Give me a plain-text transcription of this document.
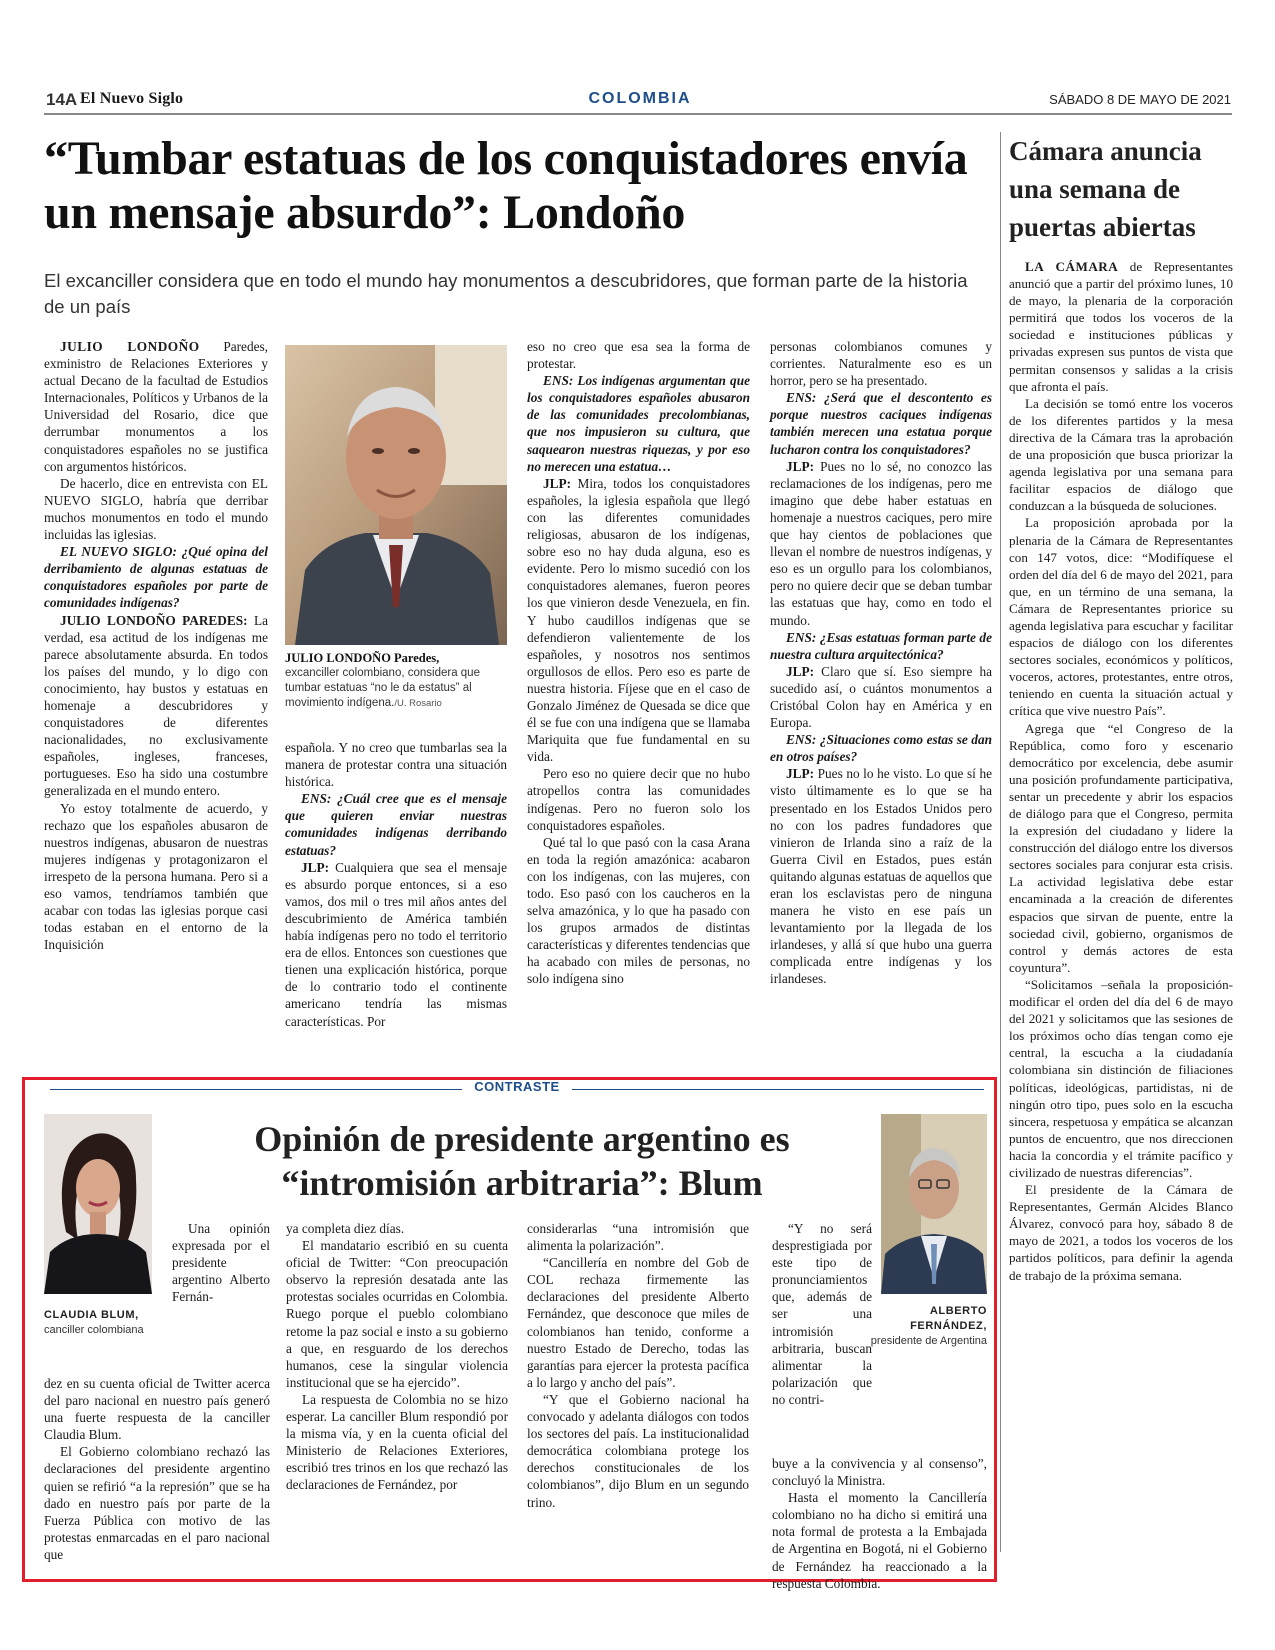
14A El Nuevo Siglo	COLOMBIA	SÁBADO 8 DE MAYO DE 2021
“Tumbar estatuas de los conquistadores envía un mensaje absurdo”: Londoño
El excanciller considera que en todo el mundo hay monumentos a descubridores, que forman parte de la historia de un país

JULIO LONDOÑO Paredes, exministro de Relaciones Exteriores y actual Decano de la facultad de Estudios Internacionales, Políticos y Urbanos de la Universidad del Rosario, dice que derrumbar monumentos a los conquistadores españoles no se justifica con argumentos históricos.

De hacerlo, dice en entrevista con EL NUEVO SIGLO, habría que derribar muchos monumentos en todo el mundo incluidas las iglesias.

EL NUEVO SIGLO: ¿Qué opina del derribamiento de algunas estatuas de conquistadores españoles por parte de comunidades indígenas?

JULIO LONDOÑO PAREDES: La verdad, esa actitud de los indígenas me parece absolutamente absurda. En todos los países del mundo, y lo digo con conocimiento, hay bustos y estatuas en homenaje a descubridores y conquistadores de diferentes nacionalidades, no exclusivamente españoles, ingleses, franceses, portugueses. Eso ha sido una costumbre generalizada en el mundo entero.

Yo estoy totalmente de acuerdo, y rechazo que los españoles abusaron de nuestros indígenas, abusaron de nuestras mujeres indígenas y protagonizaron el irrespeto de la persona humana. Pero si a eso vamos, tendríamos también que acabar con todas las iglesias porque casi todas estaban en el entorno de la Inquisición

JULIO LONDOÑO Paredes,
excanciller colombiano, considera que tumbar estatuas “no le da estatus” al movimiento indígena./U. Rosario

española. Y no creo que tumbarlas sea la manera de protestar contra una situación histórica.

ENS: ¿Cuál cree que es el mensaje que quieren enviar nuestras comunidades indígenas derribando estatuas?

JLP: Cualquiera que sea el mensaje es absurdo porque entonces, si a eso vamos, dos mil o tres mil años antes del descubrimiento de América también había indígenas pero no todo el territorio era de ellos. Entonces son cuestiones que tienen una explicación histórica, porque de lo contrario todo el continente americano tendría las mismas características. Por

eso no creo que esa sea la forma de protestar.

ENS: Los indígenas argumentan que los conquistadores españoles abusaron de las comunidades precolombianas, que nos impusieron su cultura, que saquearon nuestras riquezas, y por eso no merecen una estatua…

JLP: Mira, todos los conquistadores españoles, la iglesia española que llegó con las diferentes comunidades religiosas, abusaron de los indígenas, sobre eso no hay duda alguna, eso es evidente. Pero lo mismo sucedió con los conquistadores alemanes, fueron peores los que vinieron desde Venezuela, en fin. Y hubo caudillos indígenas que se defendieron valientemente de los españoles, y nosotros nos sentimos orgullosos de ellos. Pero eso es parte de nuestra historia. Fíjese que en el caso de Gonzalo Jiménez de Quesada se dice que él se fue con una indígena que se llamaba Mariquita que fue fundamental en su vida.

Pero eso no quiere decir que no hubo atropellos contra las comunidades indígenas. Pero no fueron solo los conquistadores españoles.

Qué tal lo que pasó con la casa Arana en toda la región amazónica: acabaron con los indígenas, con las mujeres, con todo. Eso pasó con los caucheros en la selva amazónica, y lo que ha pasado con los grupos armados de distintas características y diferentes tendencias que ha acabado con miles de personas, no solo indígena sino

personas colombianos comunes y corrientes. Naturalmente eso es un horror, pero se ha presentado.

ENS: ¿Será que el descontento es porque nuestros caciques indígenas también merecen una estatua porque lucharon contra los conquistadores?

JLP: Pues no lo sé, no conozco las reclamaciones de los indígenas, pero me imagino que debe haber estatuas en homenaje a nuestros caciques, pero mire que hay cientos de poblaciones que llevan el nombre de nuestros indígenas, y eso es un orgullo para los colombianos, pero no quiere decir que se deban tumbar las estatuas que hay, como en todo el mundo.

ENS: ¿Esas estatuas forman parte de nuestra cultura arquitectónica?

JLP: Claro que sí. Eso siempre ha sucedido así, o cuántos monumentos a Cristóbal Colon hay en América y en Europa.

ENS: ¿Situaciones como estas se dan en otros países?

JLP: Pues no lo he visto. Lo que sí he visto últimamente es lo que se ha presentado en los Estados Unidos pero no con los padres fundadores que vinieron de Irlanda sino a raíz de la Guerra Civil en Estados, pues están quitando algunas estatuas de aquellos que eran los esclavistas pero de ninguna manera he visto en ese país un levantamiento por la llegada de los irlandeses, y allá sí que hubo una guerra complicada entre indígenas y los irlandeses.

Cámara anuncia una semana de puertas abiertas

LA CÁMARA de Representantes anunció que a partir del próximo lunes, 10 de mayo, la plenaria de la corporación permitirá que todos los voceros de la sociedad e instituciones públicas y privadas expresen sus puntos de vista que permitan consensos y salidas a la crisis que afronta el país.

La decisión se tomó entre los voceros de los diferentes partidos y la mesa directiva de la Cámara tras la aprobación de una proposición que busca priorizar la agenda legislativa por una semana para facilitar espacios de diálogo que conduzcan a la búsqueda de soluciones.

La proposición aprobada por la plenaria de la Cámara de Representantes con 147 votos, dice: “Modifíquese el orden del día del 6 de mayo del 2021, para que, en un término de una semana, la Cámara de Representantes priorice su agenda legislativa para escuchar y facilitar espacios de diálogo con los diferentes sectores sociales, económicos y políticos, voceros, actores, protestantes, entre otros, teniendo en cuenta la situación actual y crítica que vive nuestro País”.

Agrega que “el Congreso de la República, como foro y escenario democrático por excelencia, debe asumir una posición profundamente participativa, sentar un precedente y abrir los espacios de diálogo para que el Congreso, permita la expresión del ciudadano y lidere la construcción del diálogo entre los diversos sectores sociales para conjurar esta crisis. La actividad legislativa debe estar encaminada a la creación de diferentes espacios que sirvan de puente, entre la sociedad civil, gobierno, organismos de control y demás actores de esta coyuntura”.

“Solicitamos –señala la proposición- modificar el orden del día del 6 de mayo del 2021 y solicitamos que las sesiones de los próximos ocho días tengan como eje central, la escucha a la ciudadanía colombiana sin distinción de filiaciones políticas, ideológicas, partidistas, ni de ningún otro tipo, pues solo en la escucha sincera, respetuosa y empática se alcanzan puntos de encuentro, que nos direccionen hacia la concordia y el trámite pacífico y civilizado de nuestras diferencias”.

El presidente de la Cámara de Representantes, Germán Alcides Blanco Álvarez, convocó para hoy, sábado 8 de mayo de 2021, a todos los voceros de los partidos políticos, para definir la agenda de trabajo de la próxima semana.

CONTRASTE
Opinión de presidente argentino es “intromisión arbitraria”: Blum
CLAUDIA BLUM, canciller colombiana
ALBERTO FERNÁNDEZ,
presidente de Argentina

Una opinión expresada por el presidente argentino Alberto Fernán-

dez en su cuenta oficial de Twitter acerca del paro nacional en nuestro país generó una fuerte respuesta de la canciller Claudia Blum.

El Gobierno colombiano rechazó las declaraciones del presidente argentino quien se refirió “a la represión” que se ha dado en nuestro país por parte de la Fuerza Pública con motivo de las protestas enmarcadas en el paro nacional que

ya completa diez días.

El mandatario escribió en su cuenta oficial de Twitter: “Con preocupación observo la represión desatada ante las protestas sociales ocurridas en Colombia. Ruego porque el pueblo colombiano retome la paz social e insto a su gobierno a que, en resguardo de los derechos humanos, cese la singular violencia institucional que se ha ejercido”.

La respuesta de Colombia no se hizo esperar. La canciller Blum respondió por la misma vía, y en la cuenta oficial del Ministerio de Relaciones Exteriores, escribió tres trinos en los que rechazó las declaraciones de Fernández, por

considerarlas “una intromisión que alimenta la polarización”.

“Cancillería en nombre del Gob de COL rechaza firmemente las declaraciones del presidente Alberto Fernández, que desconoce que miles de colombianos han tenido, conforme a nuestro Estado de Derecho, todas las garantías para ejercer la protesta pacífica a lo largo y ancho del país”.

“Y que el Gobierno nacional ha convocado y adelanta diálogos con todos los sectores del país. La institucionalidad democrática colombiana protege los derechos constitucionales de los colombianos”, dijo Blum en un segundo trino.

“Y no será desprestigiada por este tipo de pronunciamientos que, además de ser una intromisión arbitraria, buscan alimentar la polarización que no contri-

buye a la convivencia y al consenso”, concluyó la Ministra.

Hasta el momento la Cancillería colombiano no ha dicho si emitirá una nota formal de protesta a la Embajada de Argentina en Bogotá, ni el Gobierno de Fernández ha reaccionado a la respuesta Colombia.
